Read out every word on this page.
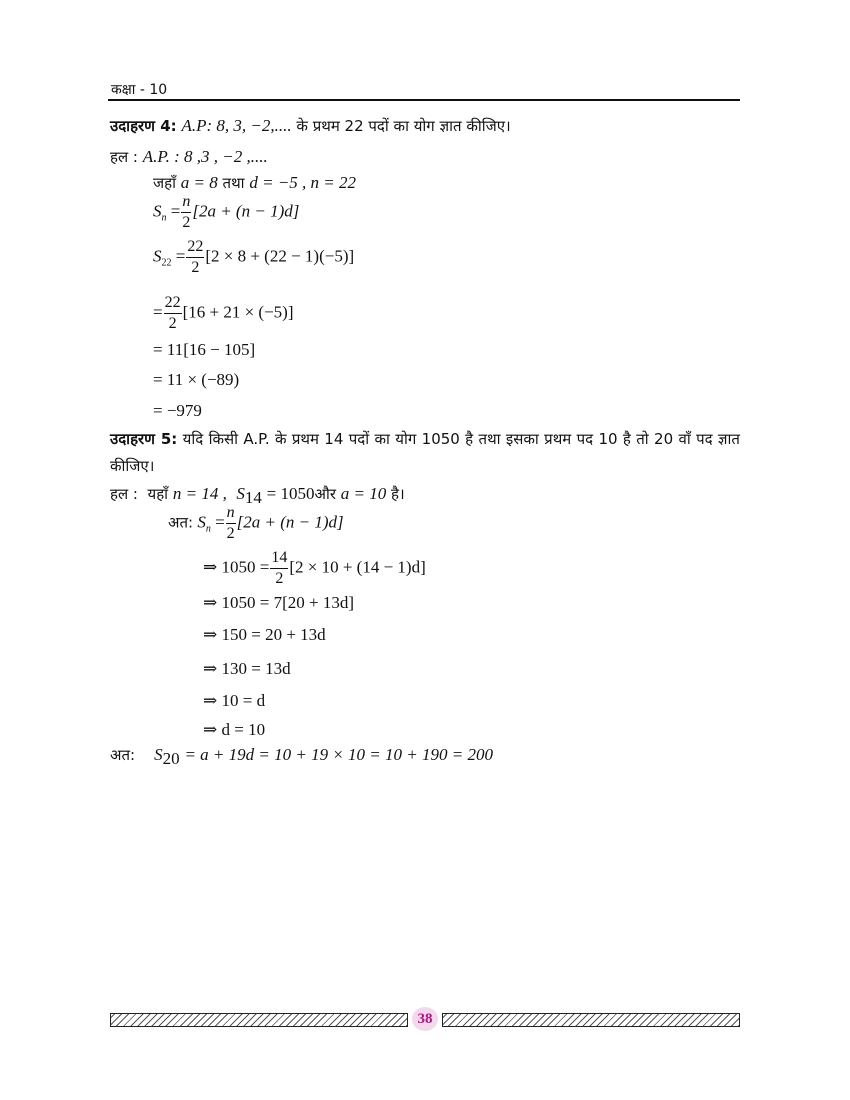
कक्षा - 10
उदाहरण 4: A.P: 8, 3, −2,.... के प्रथम 22 पदों का योग ज्ञात कीजिए।
हल : A.P. : 8 ,3 , −2 ,....
जहाँ a = 8 तथा d = −5 , n = 22
$S_n = \frac{n}{2} [2a + (n - 1)d]$
$S_{22} = \frac{22}{2} [2 \times 8 + (22 - 1)(-5)]$
= $\frac{22}{2} [16 + 21 \times (-5)]$
= 11[16 − 105]
= 11 × (−89)
= −979
उदाहरण 5: यदि किसी A.P. के प्रथम 14 पदों का योग 1050 है तथा इसका प्रथम पद 10 है तो 20 वाँ पद ज्ञात कीजिए।
हल : यहाँ n = 14 , $S_{14}$ = 1050और a = 10 है।
अत: $S_n = \frac{n}{2} [2a + (n - 1)d]$
⇒ $1050 = \frac{14}{2} [2 \times 10 + (14 - 1)d]$
⇒ 1050 = 7[20 + 13d]
⇒ 150 = 20 + 13d
⇒ 130 = 13d
⇒ 10 = d
⇒ d = 10
अत: $S_{20} = a + 19d = 10 + 19 \times 10 = 10 + 190 = 200$
38
